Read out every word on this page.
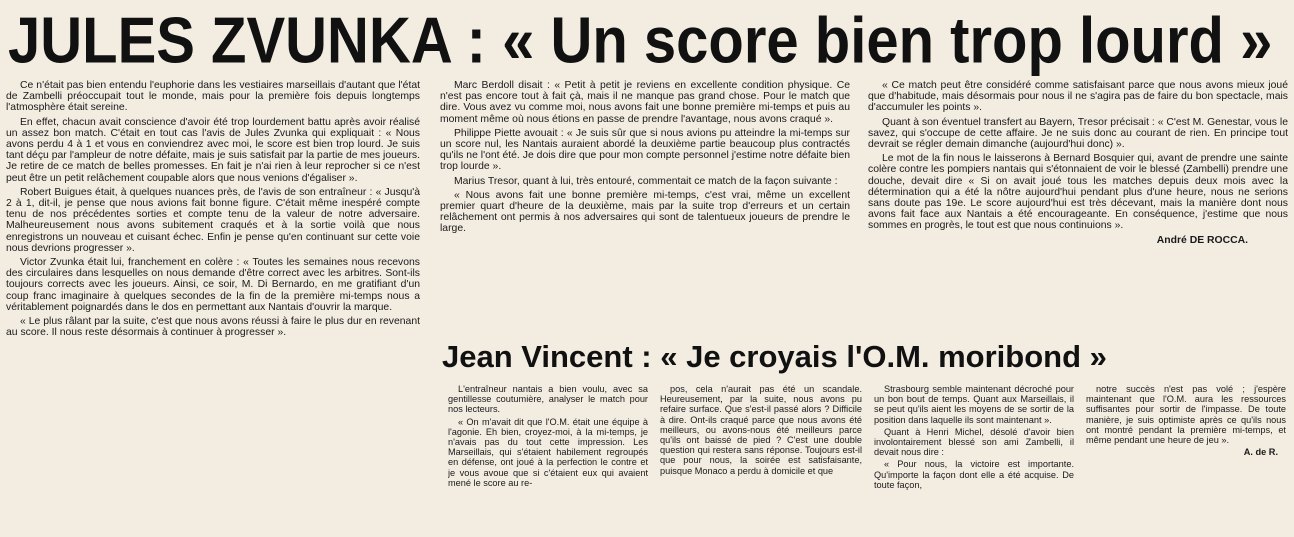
JULES ZVUNKA : « Un score bien trop lourd »

Ce n'était pas bien entendu l'euphorie dans les vestiaires marseillais d'autant que l'état de Zambelli préoccupait tout le monde, mais pour la première fois depuis longtemps l'atmosphère était sereine.

En effet, chacun avait conscience d'avoir été trop lourdement battu après avoir réalisé un assez bon match. C'était en tout cas l'avis de Jules Zvunka qui expliquait : « Nous avons perdu 4 à 1 et vous en conviendrez avec moi, le score est bien trop lourd. Je suis tant déçu par l'ampleur de notre défaite, mais je suis satisfait par la partie de mes joueurs. Je retire de ce match de belles promesses. En fait je n'ai rien à leur reprocher si ce n'est peut être un petit relâchement coupable alors que nous venions d'égaliser ».

Robert Buigues était, à quelques nuances près, de l'avis de son entraîneur : « Jusqu'à 2 à 1, dit-il, je pense que nous avions fait bonne figure. C'était même inespéré compte tenu de nos précédentes sorties et compte tenu de la valeur de notre adversaire. Malheureusement nous avons subitement craqués et à la sortie voilà que nous enregistrons un nouveau et cuisant échec. Enfin je pense qu'en continuant sur cette voie nous devrions progresser ».

Victor Zvunka était lui, franchement en colère : « Toutes les semaines nous recevons des circulaires dans lesquelles on nous demande d'être correct avec les arbitres. Sont-ils toujours corrects avec les joueurs. Ainsi, ce soir, M. Di Bernardo, en me gratifiant d'un coup franc imaginaire à quelques secondes de la fin de la première mi-temps nous a véritablement poignardés dans le dos en permettant aux Nantais d'ouvrir la marque.

« Le plus râlant par la suite, c'est que nous avons réussi à faire le plus dur en revenant au score. Il nous reste désormais à continuer à progresser ».

Marc Berdoll disait : « Petit à petit je reviens en excellente condition physique. Ce n'est pas encore tout à fait çà, mais il ne manque pas grand chose. Pour le match que dire. Vous avez vu comme moi, nous avons fait une bonne première mi-temps et puis au moment même où nous étions en passe de prendre l'avantage, nous avons craqué ».

Philippe Piette avouait : « Je suis sûr que si nous avions pu atteindre la mi-temps sur un score nul, les Nantais auraient abordé la deuxième partie beaucoup plus contractés qu'ils ne l'ont été. Je dois dire que pour mon compte personnel j'estime notre défaite bien trop lourde ».

Marius Tresor, quant à lui, très entouré, commentait ce match de la façon suivante :

« Nous avons fait une bonne première mi-temps, c'est vrai, même un excellent premier quart d'heure de la deuxième, mais par la suite trop d'erreurs et un certain relâchement ont permis à nos adversaires qui sont de talentueux joueurs de prendre le large.

« Ce match peut être considéré comme satisfaisant parce que nous avons mieux joué que d'habitude, mais désormais pour nous il ne s'agira pas de faire du bon spectacle, mais d'accumuler les points ».

Quant à son éventuel transfert au Bayern, Tresor précisait : « C'est M. Genestar, vous le savez, qui s'occupe de cette affaire. Je ne suis donc au courant de rien. En principe tout devrait se régler demain dimanche (aujourd'hui donc) ».

Le mot de la fin nous le laisserons à Bernard Bosquier qui, avant de prendre une sainte colère contre les pompiers nantais qui s'étonnaient de voir le blessé (Zambelli) prendre une douche, devait dire « Si on avait joué tous les matches depuis deux mois avec la détermination qui a été la nôtre aujourd'hui pendant plus d'une heure, nous ne serions sans doute pas 19e. Le score aujourd'hui est très décevant, mais la manière dont nous avons fait face aux Nantais a été encourageante. En conséquence, j'estime que nous sommes en progrès, le tout est que nous continuions ».

André DE ROCCA.
Jean Vincent : « Je croyais l'O.M. moribond »

L'entraîneur nantais a bien voulu, avec sa gentillesse coutumière, analyser le match pour nos lecteurs.

« On m'avait dit que l'O.M. était une équipe à l'agonie. Eh bien, croyez-moi, à la mi-temps, je n'avais pas du tout cette impression. Les Marseillais, qui s'étaient habilement regroupés en défense, ont joué à la perfection le contre et je vous avoue que si c'étaient eux qui avaient mené le score au re-

pos, cela n'aurait pas été un scandale. Heureusement, par la suite, nous avons pu refaire surface. Que s'est-il passé alors ? Difficile à dire. Ont-ils craqué parce que nous avons été meilleurs, ou avons-nous été meilleurs parce qu'ils ont baissé de pied ? C'est une double question qui restera sans réponse. Toujours est-il que pour nous, la soirée est satisfaisante, puisque Monaco a perdu à domicile et que

Strasbourg semble maintenant décroché pour un bon bout de temps. Quant aux Marseillais, il se peut qu'ils aient les moyens de se sortir de la position dans laquelle ils sont maintenant ».

Quant à Henri Michel, désolé d'avoir bien involontairement blessé son ami Zambelli, il devait nous dire :

« Pour nous, la victoire est importante. Qu'importe la façon dont elle a été acquise. De toute façon,

notre succès n'est pas volé ; j'espère maintenant que l'O.M. aura les ressources suffisantes pour sortir de l'impasse. De toute manière, je suis optimiste après ce qu'ils nous ont montré pendant la première mi-temps, et même pendant une heure de jeu ».

A. de R.
